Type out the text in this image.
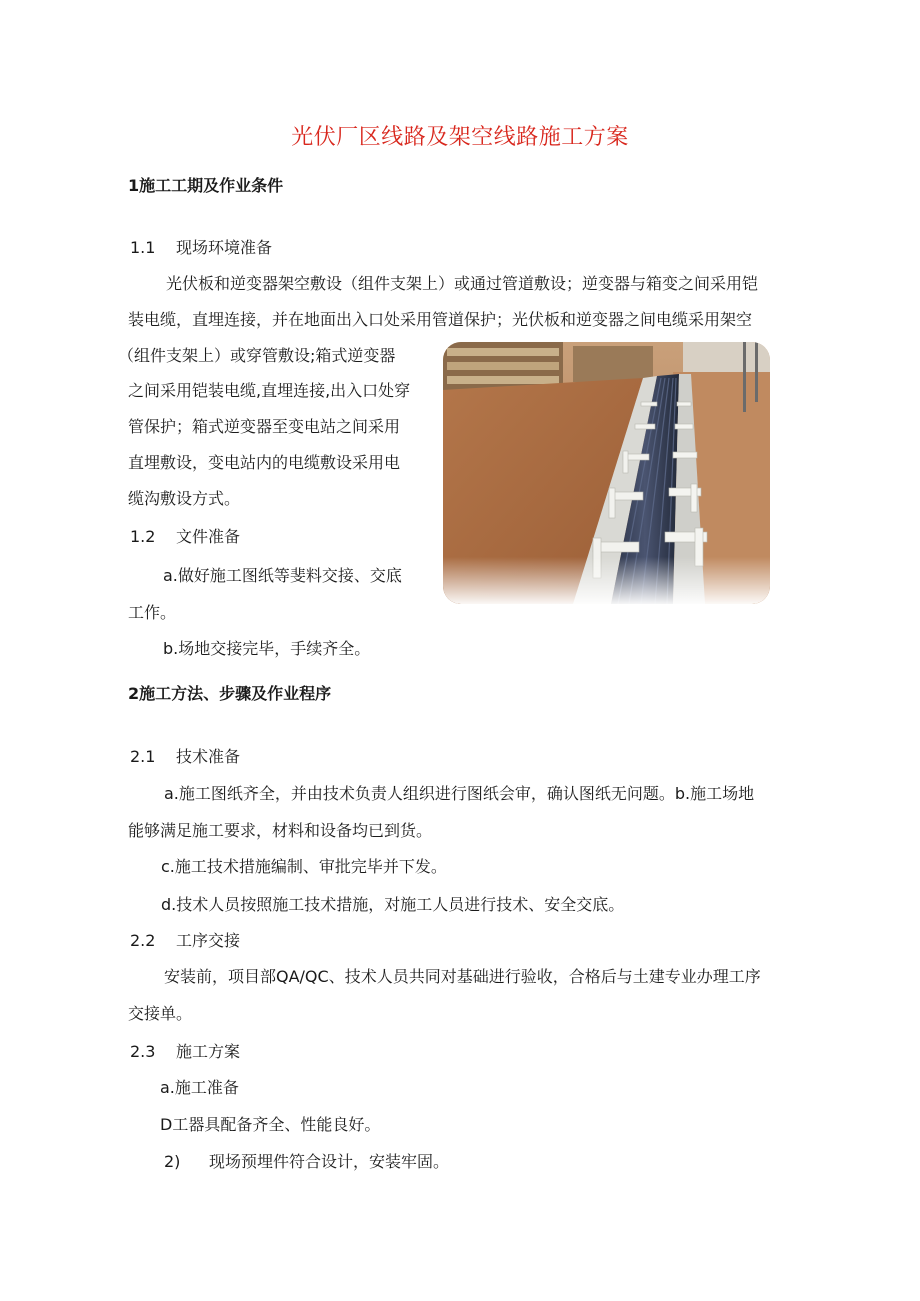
光伏厂区线路及架空线路施工方案
1施工工期及作业条件
1.1 现场环境准备
光伏板和逆变器架空敷设（组件支架上）或通过管道敷设；逆变器与箱变之间采用铠
装电缆，直埋连接，并在地面出入口处采用管道保护；光伏板和逆变器之间电缆采用架空
（组件支架上）或穿管敷设;箱式逆变器
之间采用铠装电缆,直埋连接,出入口处穿
管保护；箱式逆变器至变电站之间采用
直埋敷设，变电站内的电缆敷设采用电
缆沟敷设方式。
1.2 文件准备
a.做好施工图纸等斐料交接、交底
工作。
b.场地交接完毕，手续齐全。
2施工方法、步骤及作业程序
2.1 技术准备
a.施工图纸齐全，并由技术负责人组织进行图纸会审，确认图纸无问题。b.施工场地
能够满足施工要求，材料和设备均已到货。
c.施工技术措施编制、审批完毕并下发。
d.技术人员按照施工技术措施，对施工人员进行技术、安全交底。
2.2 工序交接
安装前，项目部QA/QC、技术人员共同对基础进行验收，合格后与土建专业办理工序
交接单。
2.3 施工方案
a.施工准备
D工器具配备齐全、性能良好。
2) 现场预埋件符合设计，安装牢固。
